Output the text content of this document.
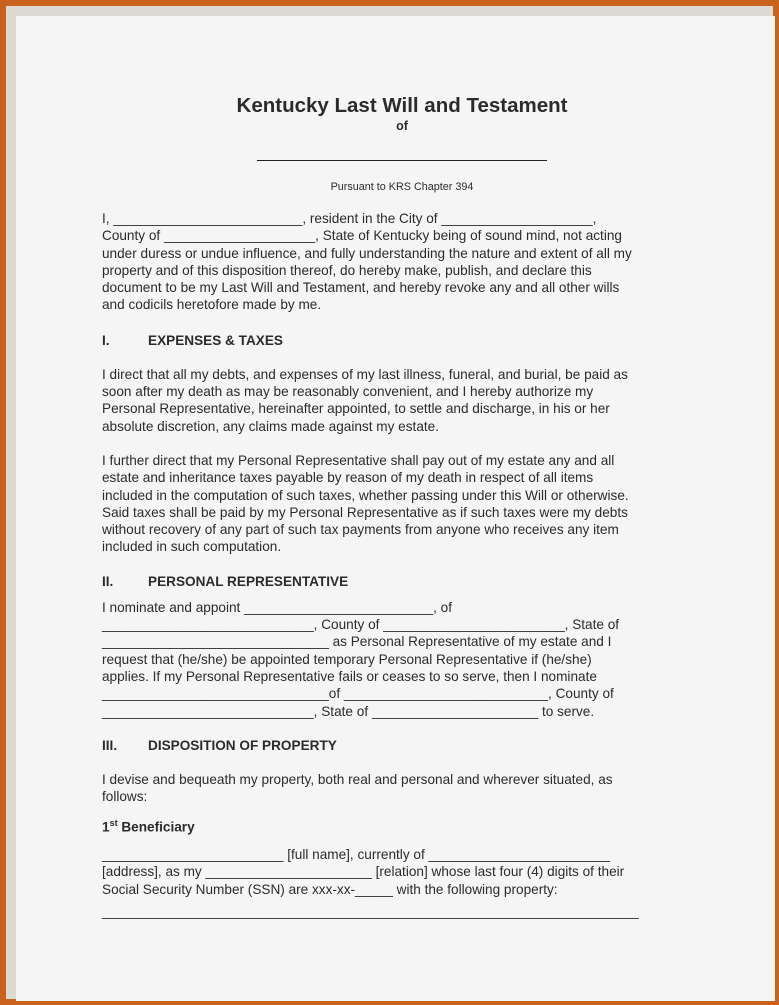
Kentucky Last Will and Testament
of
Pursuant to KRS Chapter 394

I, _________________________, resident in the City of ____________________,
County of ____________________, State of Kentucky being of sound mind, not acting
under duress or undue influence, and fully understanding the nature and extent of all my
property and of this disposition thereof, do hereby make, publish, and declare this
document to be my Last Will and Testament, and hereby revoke any and all other wills
and codicils heretofore made by me.

I.	EXPENSES & TAXES

I direct that all my debts, and expenses of my last illness, funeral, and burial, be paid as
soon after my death as may be reasonably convenient, and I hereby authorize my
Personal Representative, hereinafter appointed, to settle and discharge, in his or her
absolute discretion, any claims made against my estate.

I further direct that my Personal Representative shall pay out of my estate any and all
estate and inheritance taxes payable by reason of my death in respect of all items
included in the computation of such taxes, whether passing under this Will or otherwise.
Said taxes shall be paid by my Personal Representative as if such taxes were my debts
without recovery of any part of such tax payments from anyone who receives any item
included in such computation.

II.	PERSONAL REPRESENTATIVE

I nominate and appoint _________________________, of
____________________________, County of ________________________, State of
______________________________ as Personal Representative of my estate and I
request that (he/she) be appointed temporary Personal Representative if (he/she)
applies. If my Personal Representative fails or ceases to so serve, then I nominate
______________________________of ___________________________, County of
____________________________, State of ______________________ to serve.

III.	DISPOSITION OF PROPERTY

I devise and bequeath my property, both real and personal and wherever situated, as
follows:

1st Beneficiary

________________________ [full name], currently of ________________________
[address], as my ______________________ [relation] whose last four (4) digits of their
Social Security Number (SSN) are xxx-xx-_____ with the following property:

_______________________________________________________________________
